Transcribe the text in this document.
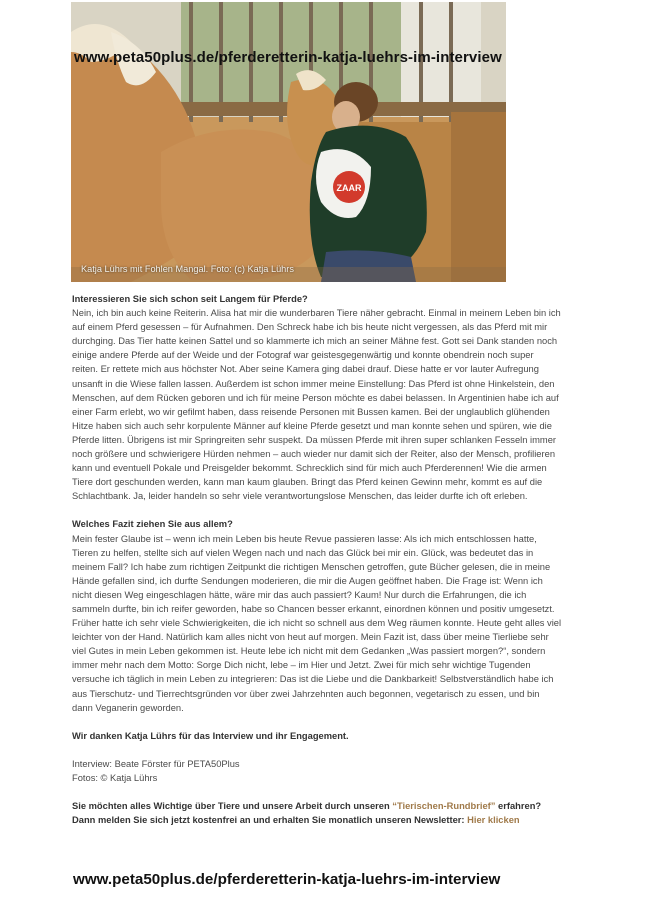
ZAAR
Katja Lührs mit Fohlen Mangal. Foto: (c) Katja Lührs
www.peta50plus.de/pferderetterin-katja-luehrs-im-interview

Interessieren Sie sich schon seit Langem für Pferde?

Nein, ich bin auch keine Reiterin. Alisa hat mir die wunderbaren Tiere näher gebracht. Einmal in meinem Leben bin ich auf einem Pferd gesessen – für Aufnahmen. Den Schreck habe ich bis heute nicht vergessen, als das Pferd mit mir durchging. Das Tier hatte keinen Sattel und so klammerte ich mich an seiner Mähne fest. Gott sei Dank standen noch einige andere Pferde auf der Weide und der Fotograf war geistesgegenwärtig und konnte obendrein noch super reiten. Er rettete mich aus höchster Not. Aber seine Kamera ging dabei drauf. Diese hatte er vor lauter Aufregung unsanft in die Wiese fallen lassen. Außerdem ist schon immer meine Einstellung: Das Pferd ist ohne Hinkelstein, den Menschen, auf dem Rücken geboren und ich für meine Person möchte es dabei belassen. In Argentinien habe ich auf einer Farm erlebt, wo wir gefilmt haben, dass reisende Personen mit Bussen kamen. Bei der unglaublich glühenden Hitze haben sich auch sehr korpulente Männer auf kleine Pferde gesetzt und man konnte sehen und spüren, wie die Pferde litten. Übrigens ist mir Springreiten sehr suspekt. Da müssen Pferde mit ihren super schlanken Fesseln immer noch größere und schwierigere Hürden nehmen – auch wieder nur damit sich der Reiter, also der Mensch, profilieren kann und eventuell Pokale und Preisgelder bekommt. Schrecklich sind für mich auch Pferderennen! Wie die armen Tiere dort geschunden werden, kann man kaum glauben. Bringt das Pferd keinen Gewinn mehr, kommt es auf die Schlachtbank. Ja, leider handeln so sehr viele verantwortungslose Menschen, das leider durfte ich oft erleben.

Welches Fazit ziehen Sie aus allem?

Mein fester Glaube ist – wenn ich mein Leben bis heute Revue passieren lasse: Als ich mich entschlossen hatte, Tieren zu helfen, stellte sich auf vielen Wegen nach und nach das Glück bei mir ein. Glück, was bedeutet das in meinem Fall? Ich habe zum richtigen Zeitpunkt die richtigen Menschen getroffen, gute Bücher gelesen, die in meine Hände gefallen sind, ich durfte Sendungen moderieren, die mir die Augen geöffnet haben. Die Frage ist: Wenn ich nicht diesen Weg eingeschlagen hätte, wäre mir das auch passiert? Kaum! Nur durch die Erfahrungen, die ich sammeln durfte, bin ich reifer geworden, habe so Chancen besser erkannt, einordnen können und positiv umgesetzt. Früher hatte ich sehr viele Schwierigkeiten, die ich nicht so schnell aus dem Weg räumen konnte. Heute geht alles viel leichter von der Hand. Natürlich kam alles nicht von heut auf morgen. Mein Fazit ist, dass über meine Tierliebe sehr viel Gutes in mein Leben gekommen ist. Heute lebe ich nicht mit dem Gedanken „Was passiert morgen?“, sondern immer mehr nach dem Motto: Sorge Dich nicht, lebe – im Hier und Jetzt. Zwei für mich sehr wichtige Tugenden versuche ich täglich in mein Leben zu integrieren: Das ist die Liebe und die Dankbarkeit! Selbstverständlich habe ich aus Tierschutz- und Tierrechtsgründen vor über zwei Jahrzehnten auch begonnen, vegetarisch zu essen, und bin dann Veganerin geworden.

Wir danken Katja Lührs für das Interview und ihr Engagement.

Interview: Beate Förster für PETA50Plus

Fotos: © Katja Lührs

Sie möchten alles Wichtige über Tiere und unsere Arbeit durch unseren “Tierischen-Rundbrief” erfahren? Dann melden Sie sich jetzt kostenfrei an und erhalten Sie monatlich unseren Newsletter: Hier klicken

www.peta50plus.de/pferderetterin-katja-luehrs-im-interview
